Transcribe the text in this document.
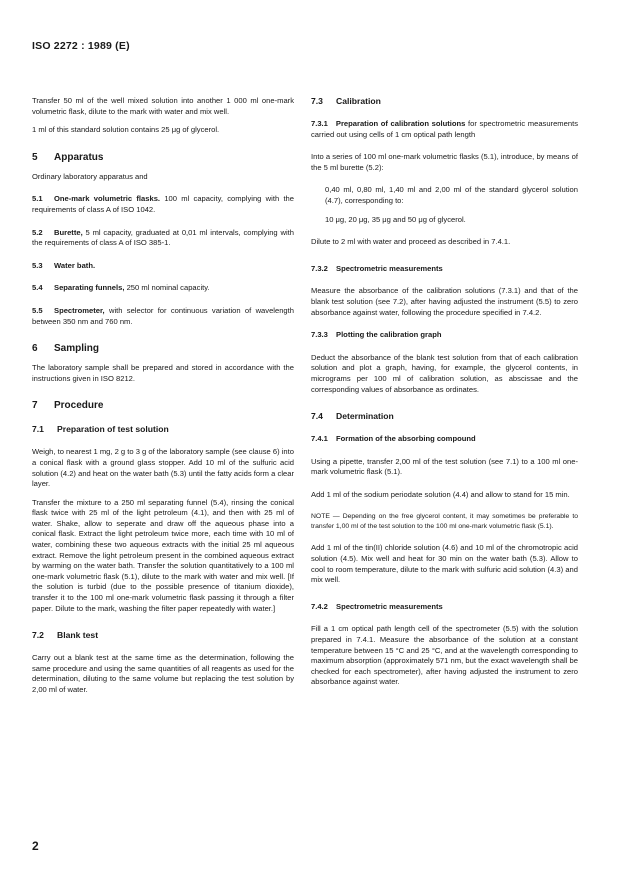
ISO 2272 : 1989 (E)

Transfer 50 ml of the well mixed solution into another 1 000 ml one-mark volumetric flask, dilute to the mark with water and mix well.

1 ml of this standard solution contains 25 μg of glycerol.

5 Apparatus

Ordinary laboratory apparatus and

5.1 One-mark volumetric flasks. 100 ml capacity, complying with the requirements of class A of ISO 1042.

5.2 Burette, 5 ml capacity, graduated at 0,01 ml intervals, complying with the requirements of class A of ISO 385-1.

5.3 Water bath.

5.4 Separating funnels, 250 ml nominal capacity.

5.5 Spectrometer, with selector for continuous variation of wavelength between 350 nm and 760 nm.

6 Sampling

The laboratory sample shall be prepared and stored in accordance with the instructions given in ISO 8212.

7 Procedure
7.1 Preparation of test solution

Weigh, to nearest 1 mg, 2 g to 3 g of the laboratory sample (see clause 6) into a conical flask with a ground glass stopper. Add 10 ml of the sulfuric acid solution (4.2) and heat on the water bath (5.3) until the fatty acids form a clear layer.

Transfer the mixture to a 250 ml separating funnel (5.4), rinsing the conical flask twice with 25 ml of the light petroleum (4.1), and then with 25 ml of water. Shake, allow to seperate and draw off the aqueous phase into a conical flask. Extract the light petroleum twice more, each time with 10 ml of water, combining these two aqueous extracts with the initial 25 ml aqueous extract. Remove the light petroleum present in the combined aqueous extract by warming on the water bath. Transfer the solution quantitatively to a 100 ml one-mark volumetric flask (5.1), dilute to the mark with water and mix well. [If the solution is turbid (due to the possible presence of titanium dioxide), transfer it to the 100 ml one-mark volumetric flask passing it through a filter paper. Dilute to the mark, washing the filter paper repeatedly with water.]

7.2 Blank test

Carry out a blank test at the same time as the determination, following the same procedure and using the same quantities of all reagents as used for the determination, diluting to the same volume but replacing the test solution by 2,00 ml of water.

7.3 Calibration

7.3.1 Preparation of calibration solutions for spectrometric measurements carried out using cells of 1 cm optical path length

Into a series of 100 ml one-mark volumetric flasks (5.1), introduce, by means of the 5 ml burette (5.2):

0,40 ml, 0,80 ml, 1,40 ml and 2,00 ml of the standard glycerol solution (4.7), corresponding to:

10 μg, 20 μg, 35 μg and 50 μg of glycerol.

Dilute to 2 ml with water and proceed as described in 7.4.1.

7.3.2 Spectrometric measurements

Measure the absorbance of the calibration solutions (7.3.1) and that of the blank test solution (see 7.2), after having adjusted the instrument (5.5) to zero absorbance against water, following the procedure specified in 7.4.2.

7.3.3 Plotting the calibration graph

Deduct the absorbance of the blank test solution from that of each calibration solution and plot a graph, having, for example, the glycerol contents, in micrograms per 100 ml of calibration solution, as abscissae and the corresponding values of absorbance as ordinates.

7.4 Determination
7.4.1 Formation of the absorbing compound

Using a pipette, transfer 2,00 ml of the test solution (see 7.1) to a 100 ml one-mark volumetric flask (5.1).

Add 1 ml of the sodium periodate solution (4.4) and allow to stand for 15 min.

NOTE — Depending on the free glycerol content, it may sometimes be preferable to transfer 1,00 ml of the test solution to the 100 ml one-mark volumetric flask (5.1).

Add 1 ml of the tin(II) chloride solution (4.6) and 10 ml of the chromotropic acid solution (4.5). Mix well and heat for 30 min on the water bath (5.3). Allow to cool to room temperature, dilute to the mark with sulfuric acid solution (4.3) and mix well.

7.4.2 Spectrometric measurements

Fill a 1 cm optical path length cell of the spectrometer (5.5) with the solution prepared in 7.4.1. Measure the absorbance of the solution at a constant temperature between 15 °C and 25 °C, and at the wavelength corresponding to maximum absorption (approximately 571 nm, but the exact wavelength shall be checked for each spectrometer), after having adjusted the instrument to zero absorbance against water.

2
